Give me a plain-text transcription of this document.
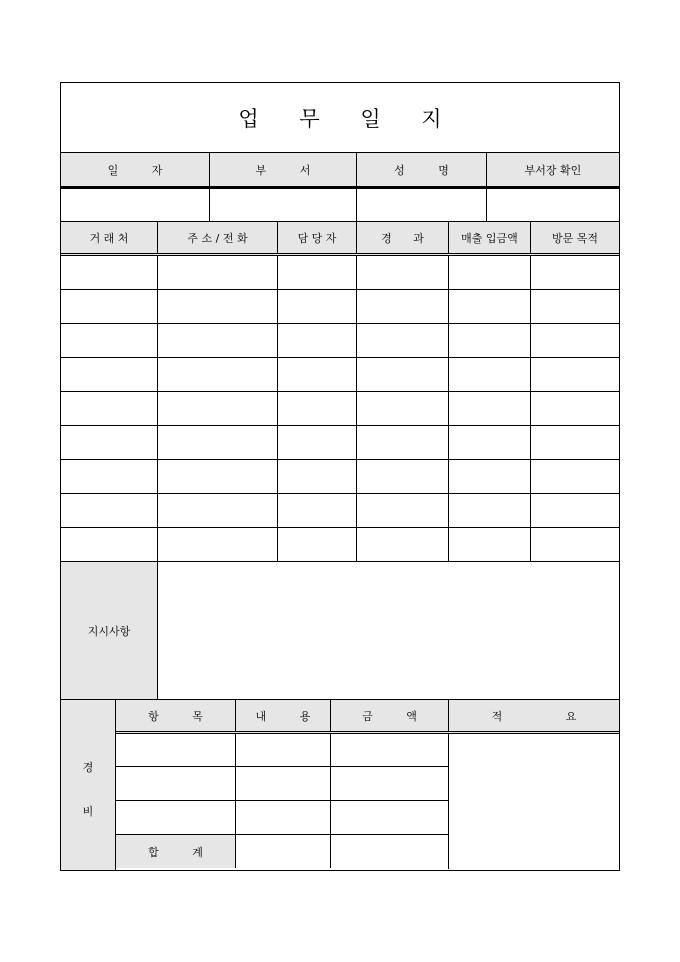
업 무 일 지
일 자	부 서	성 명	부서장 확인
거 래 처	주 소 / 전 화	담 당 자	경 과	매출 입금액	방문 목적
지시사항
경
비
항 목	내 용	금 액	적 요
합 계
